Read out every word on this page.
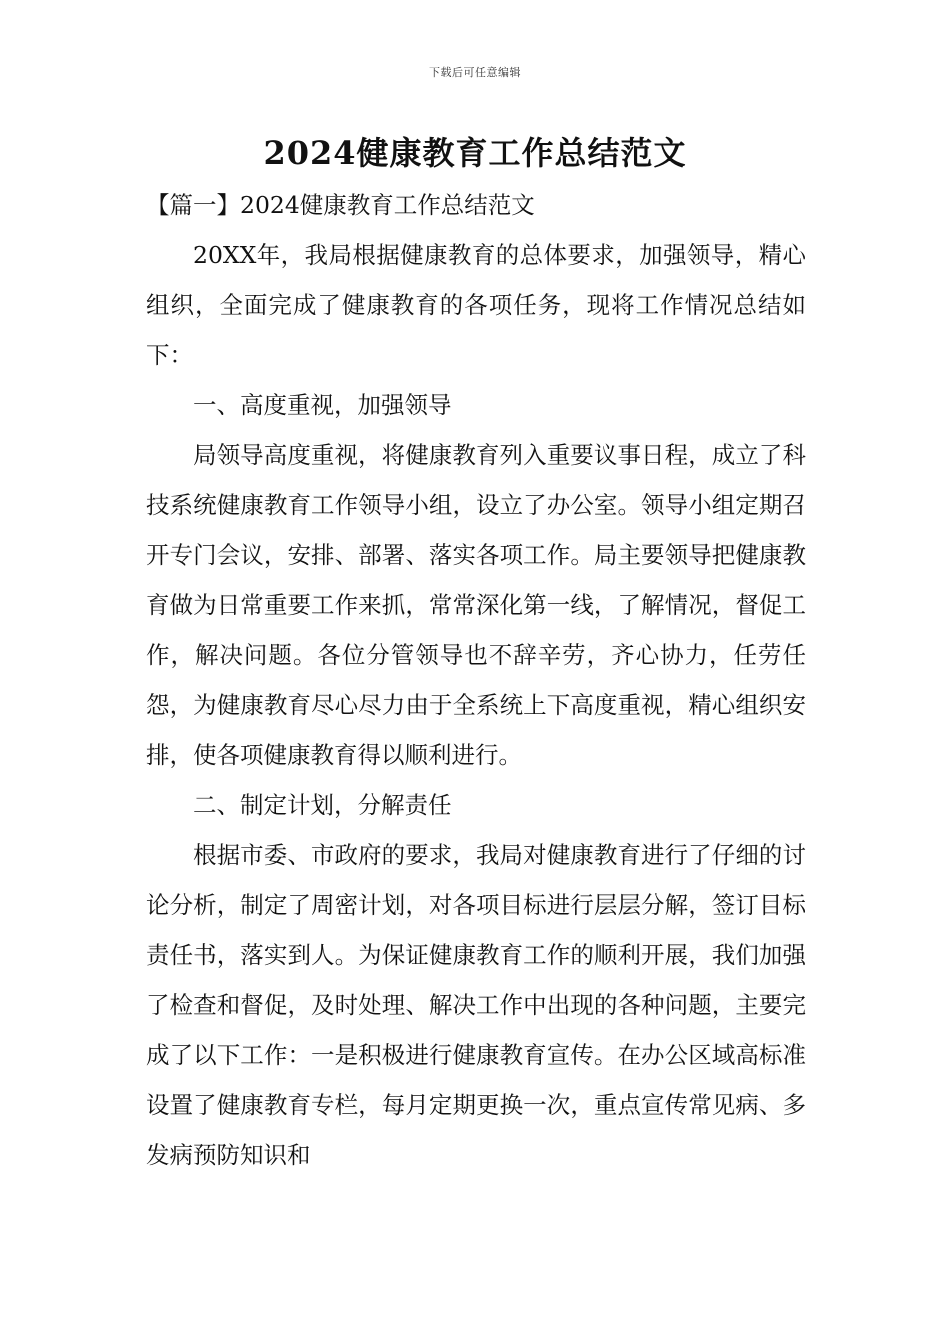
下载后可任意编辑
2024健康教育工作总结范文

【篇一】2024健康教育工作总结范文

20XX年，我局根据健康教育的总体要求，加强领导，精心组织，全面完成了健康教育的各项任务，现将工作情况总结如下：

一、高度重视，加强领导

局领导高度重视，将健康教育列入重要议事日程，成立了科技系统健康教育工作领导小组，设立了办公室。领导小组定期召开专门会议，安排、部署、落实各项工作。局主要领导把健康教育做为日常重要工作来抓，常常深化第一线，了解情况，督促工作，解决问题。各位分管领导也不辞辛劳，齐心协力，任劳任怨，为健康教育尽心尽力由于全系统上下高度重视，精心组织安排，使各项健康教育得以顺利进行。

二、制定计划，分解责任

根据市委、市政府的要求，我局对健康教育进行了仔细的讨论分析，制定了周密计划，对各项目标进行层层分解，签订目标责任书，落实到人。为保证健康教育工作的顺利开展，我们加强了检查和督促，及时处理、解决工作中出现的各种问题，主要完成了以下工作：一是积极进行健康教育宣传。在办公区域高标准设置了健康教育专栏，每月定期更换一次，重点宣传常见病、多发病预防知识和
